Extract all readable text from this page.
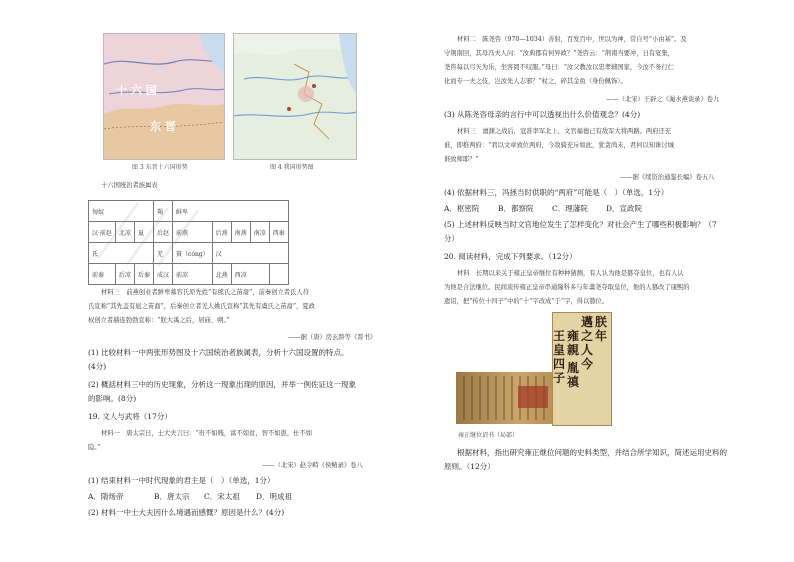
十 六 国
东 晋
图 3 东晋十六国形势	图 4 我国形势图
十六国统治者族属表
匈奴			羯	鲜卑				
汉·前赵	北凉	夏	后赵	前燕	后燕	南燕	南凉	西秦
氐			羌	賨（cóng）	汉			
前秦	后凉	后秦	成汉	前凉	北燕	西凉		
材料三　前燕创业者鲜卑慕容氏原先姓“有熊氏之苗裔”，前秦创立者氐人苻
氏宣称“其先盖有扈之苗裔”，后秦创立者羌人姚氏宣称“其先有虞氏之苗裔”，夏政
权创立者赫连勃勃宣称：“朕大禹之后，居庙、朔。”
——据（唐）房玄龄等《晋书》
(1) 比较材料一中两张形势图及十六国统治者族属表，分析十六国设置的特点。
(4分)
(2) 概括材料三中的历史现象，分析这一现象出现的原因，并举一例佐证这一现象
的影响。(8分)
19. 文人与武将（17分）
材料一　唐太宗日，士大夫言曰：“贵不如贱，富不如贫，智不如愚，仕不如
隐。”
——（北宋）赵令畤《侯鲭录》卷八
(1) 结束材料一中时代现象的君主是（　）（单选，1分）
A．隋炀帝	B．唐太宗 C．宋太祖 D．明成祖
(2) 材料一中士大夫因什么境遇而感慨？原因是什么？(4分)
材料二　陈尧咨（970—1034）善射，百发百中，世以为神，常自号“小由基”。及
守荆南回，其母冯夫人问：“汝典郡有何异政？”尧咨云：“荆南当要冲，日有宴集，
尧咨每以弓矢为乐，坐客罔不叹服。”母曰：“汝父教汝以忠孝辅国家，今汝不务行仁
化而专一夫之伎，岂汝先人志邪？”杖之，碎其金鱼（身份佩饰）。
——（北宋）王辟之《渑水燕谈录》卷九
(3) 从陈尧咨母亲的言行中可以透视出什么价值观念？(4分)
材料三　澶渊之战后，寇准率军北上，文官福德已有敌军大将两路。两府还充
谁，即推两府：“君以文章致位两府，今敌骑充斥如此，犹贪尚未，君何以知诛讨城
谁致师耶？”
——据《续资治通鉴长编》卷五八
(4) 依据材料三，冯拯当时供职的“两府”可能是（　）（单选，1分）
A．枢密院 B．都察院 C．理藩院 D．宣政院
(5) 上述材料反映当时文官地位发生了怎样变化？对社会产生了哪些积极影响？（7
分）
20. 阅读材料，完成下列要求。（12分）
材料　长期以来关于雍正皇帝继位有种种猜测，有人认为他是篡夺皇位，也有人认
为他是合法继位。民间流传雍正皇帝串通隆科多与年羹尧夺取皇位，他的人篡改了康熙的
遗诏，把“传位十四子”中的“十”字改成“于”字，得以篡位。
朕年
邁之人今
雍親
王皇四子
胤禛
雍正继位诏书（局部）
根据材料，指出研究雍正继位问题的史料类型，并结合所学知识，简述运用史料的
原则。（12分）
